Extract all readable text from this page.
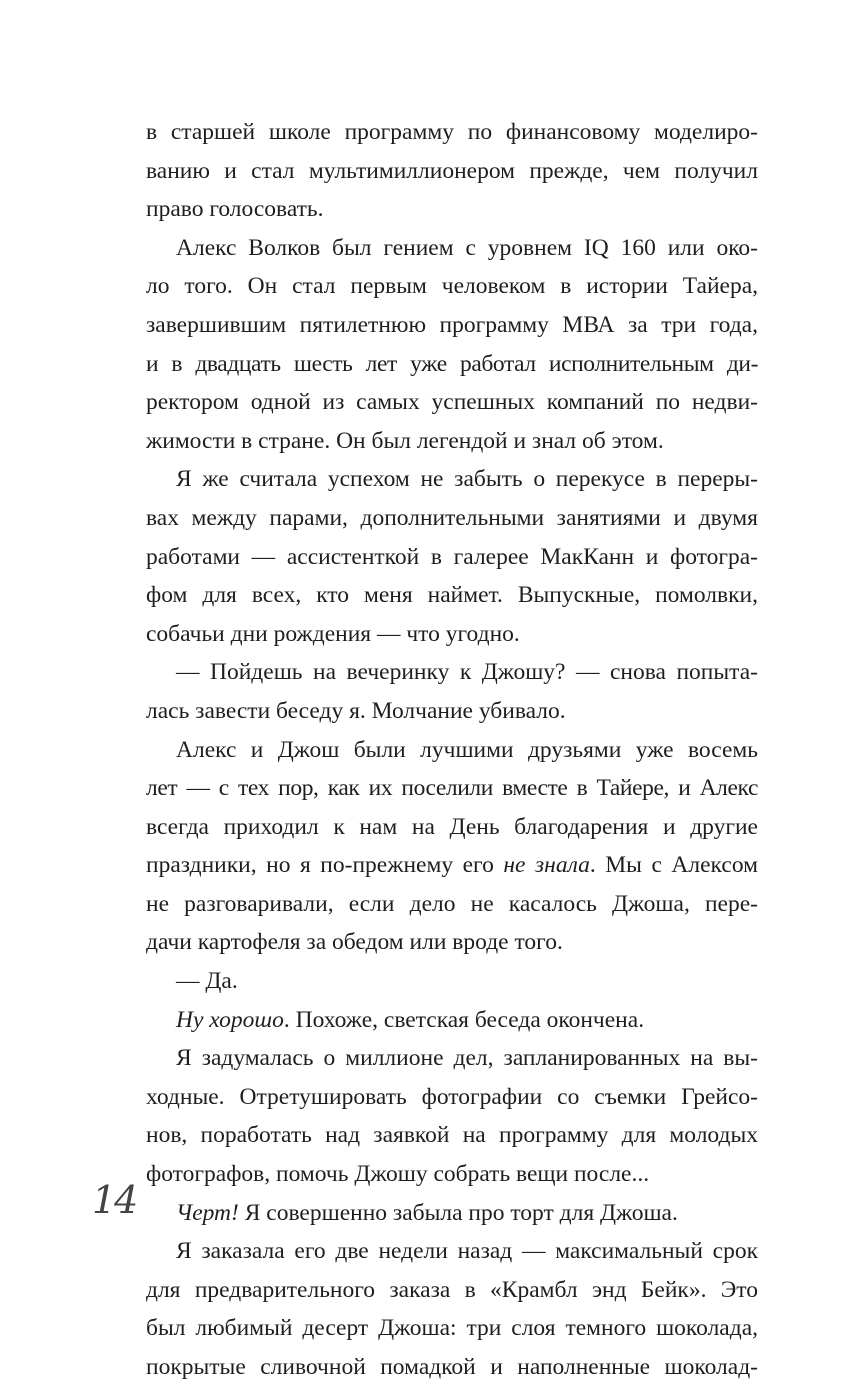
в старшей школе программу по финансовому моделиро-
ванию и стал мультимиллионером прежде, чем получил
право голосовать.
Алекс Волков был гением с уровнем IQ 160 или око-
ло того. Он стал первым человеком в истории Тайера,
завершившим пятилетнюю программу МВА за три года,
и в двадцать шесть лет уже работал исполнительным ди-
ректором одной из самых успешных компаний по недви-
жимости в стране. Он был легендой и знал об этом.
Я же считала успехом не забыть о перекусе в переры-
вах между парами, дополнительными занятиями и двумя
работами — ассистенткой в галерее МакКанн и фотогра-
фом для всех, кто меня наймет. Выпускные, помолвки,
собачьи дни рождения — что угодно.
— Пойдешь на вечеринку к Джошу? — снова попыта-
лась завести беседу я. Молчание убивало.
Алекс и Джош были лучшими друзьями уже восемь
лет — с тех пор, как их поселили вместе в Тайере, и Алекс
всегда приходил к нам на День благодарения и другие
праздники, но я по-прежнему его не знала. Мы с Алексом
не разговаривали, если дело не касалось Джоша, пере-
дачи картофеля за обедом или вроде того.
— Да.
Ну хорошо. Похоже, светская беседа окончена.
Я задумалась о миллионе дел, запланированных на вы-
ходные. Отретушировать фотографии со съемки Грейсо-
нов, поработать над заявкой на программу для молодых
фотографов, помочь Джошу собрать вещи после...
Черт! Я совершенно забыла про торт для Джоша.
Я заказала его две недели назад — максимальный срок
для предварительного заказа в «Крамбл энд Бейк». Это
был любимый десерт Джоша: три слоя темного шоколада,
покрытые сливочной помадкой и наполненные шоколад-
14
